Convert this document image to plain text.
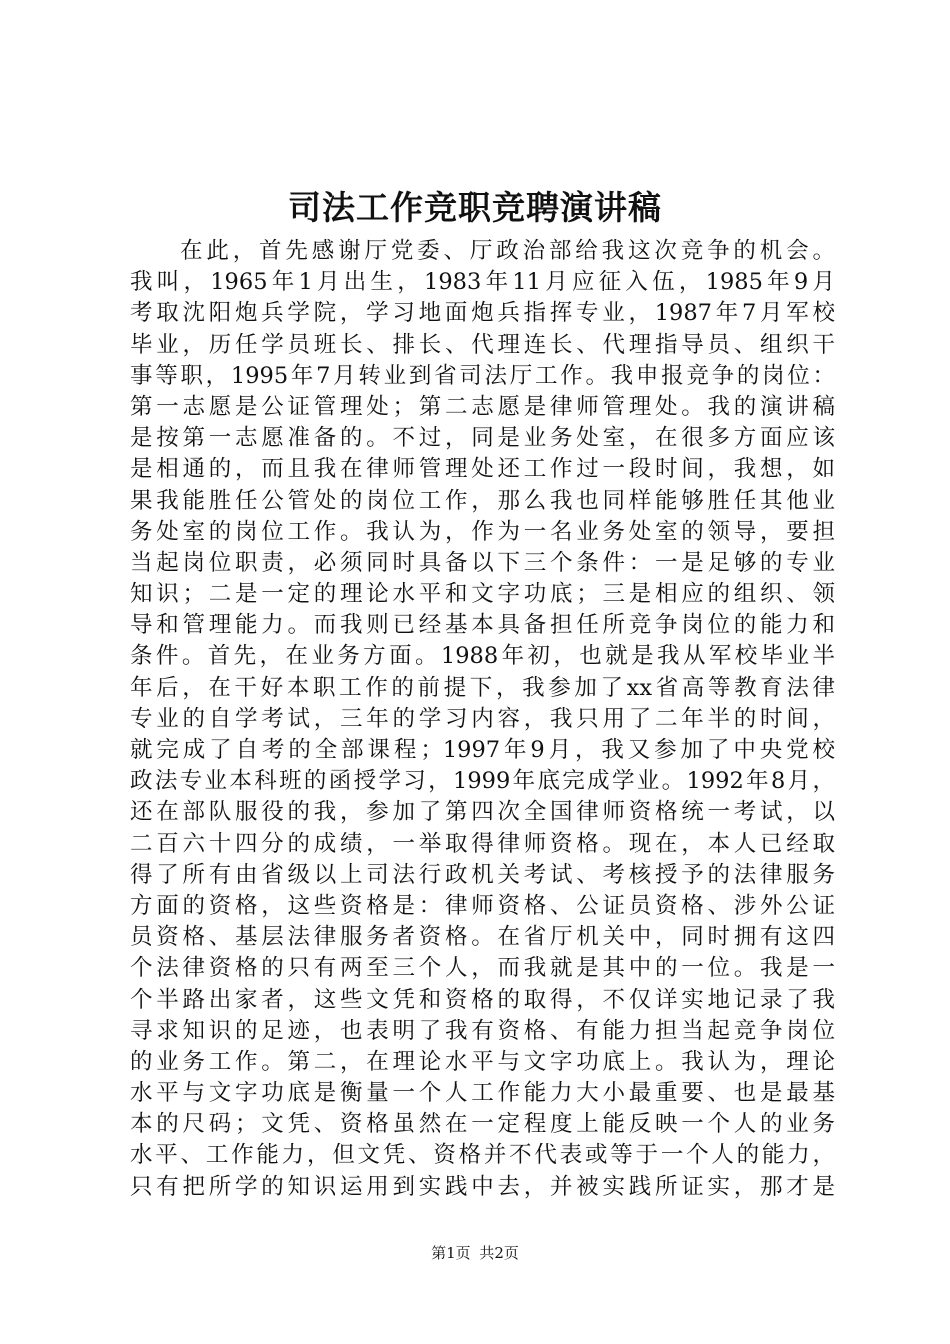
司法工作竞职竞聘演讲稿
在此，首先感谢厅党委、厅政治部给我这次竞争的机会。
我叫，1965年1月出生，1983年11月应征入伍，1985年9月
考取沈阳炮兵学院，学习地面炮兵指挥专业，1987年7月军校
毕业，历任学员班长、排长、代理连长、代理指导员、组织干
事等职，1995年7月转业到省司法厅工作。我申报竞争的岗位：
第一志愿是公证管理处；第二志愿是律师管理处。我的演讲稿
是按第一志愿准备的。不过，同是业务处室，在很多方面应该
是相通的，而且我在律师管理处还工作过一段时间，我想，如
果我能胜任公管处的岗位工作，那么我也同样能够胜任其他业
务处室的岗位工作。我认为，作为一名业务处室的领导，要担
当起岗位职责，必须同时具备以下三个条件：一是足够的专业
知识；二是一定的理论水平和文字功底；三是相应的组织、领
导和管理能力。而我则已经基本具备担任所竞争岗位的能力和
条件。首先，在业务方面。1988年初，也就是我从军校毕业半
年后，在干好本职工作的前提下，我参加了xx省高等教育法律
专业的自学考试，三年的学习内容，我只用了二年半的时间，
就完成了自考的全部课程；1997年9月，我又参加了中央党校
政法专业本科班的函授学习，1999年底完成学业。1992年8月，
还在部队服役的我，参加了第四次全国律师资格统一考试，以
二百六十四分的成绩，一举取得律师资格。现在，本人已经取
得了所有由省级以上司法行政机关考试、考核授予的法律服务
方面的资格，这些资格是：律师资格、公证员资格、涉外公证
员资格、基层法律服务者资格。在省厅机关中，同时拥有这四
个法律资格的只有两至三个人，而我就是其中的一位。我是一
个半路出家者，这些文凭和资格的取得，不仅详实地记录了我
寻求知识的足迹，也表明了我有资格、有能力担当起竞争岗位
的业务工作。第二，在理论水平与文字功底上。我认为，理论
水平与文字功底是衡量一个人工作能力大小最重要、也是最基
本的尺码；文凭、资格虽然在一定程度上能反映一个人的业务
水平、工作能力，但文凭、资格并不代表或等于一个人的能力，
只有把所学的知识运用到实践中去，并被实践所证实，那才是
第1页 共2页
